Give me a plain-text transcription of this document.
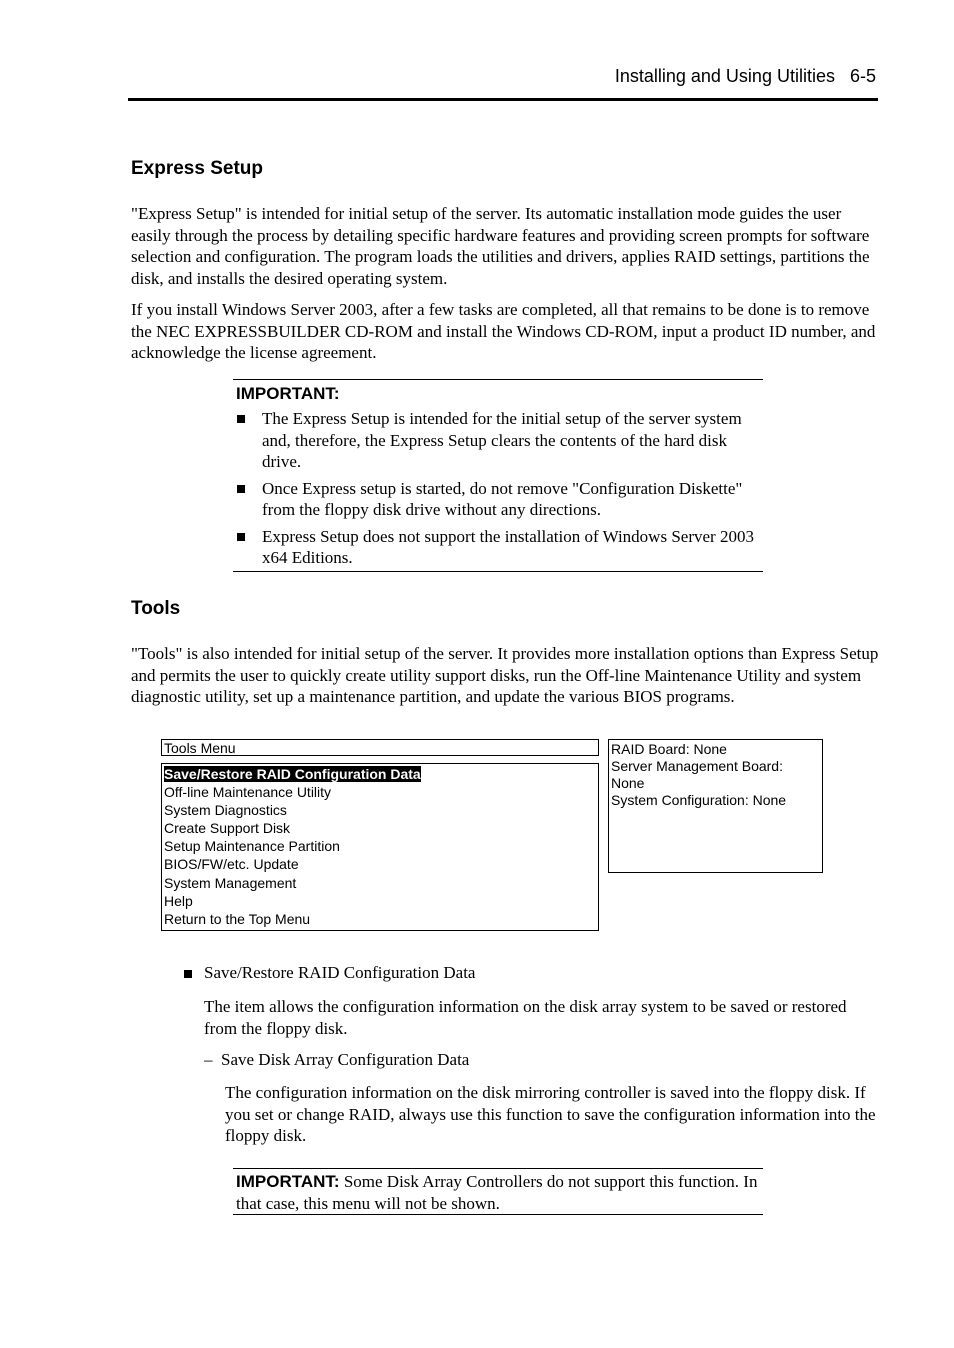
Installing and Using Utilities 6-5
Express Setup

"Express Setup" is intended for initial setup of the server. Its automatic installation mode guides the user easily through the process by detailing specific hardware features and providing screen prompts for software selection and configuration. The program loads the utilities and drivers, applies RAID settings, partitions the disk, and installs the desired operating system.

If you install Windows Server 2003, after a few tasks are completed, all that remains to be done is to remove the NEC EXPRESSBUILDER CD-ROM and install the Windows CD-ROM, input a product ID number, and acknowledge the license agreement.

IMPORTANT:
The Express Setup is intended for the initial setup of the server system and, therefore, the Express Setup clears the contents of the hard disk drive.
Once Express setup is started, do not remove "Configuration Diskette" from the floppy disk drive without any directions.
Express Setup does not support the installation of Windows Server 2003 x64 Editions.
Tools

"Tools" is also intended for initial setup of the server. It provides more installation options than Express Setup and permits the user to quickly create utility support disks, run the Off-line Maintenance Utility and system diagnostic utility, set up a maintenance partition, and update the various BIOS programs.

Tools Menu
Save/Restore RAID Configuration Data
Off-line Maintenance Utility
System Diagnostics
Create Support Disk
Setup Maintenance Partition
BIOS/FW/etc. Update
System Management
Help
Return to the Top Menu
RAID Board: None
Server Management Board:
None
System Configuration: None
Save/Restore RAID Configuration Data

The item allows the configuration information on the disk array system to be saved or restored from the floppy disk.

– Save Disk Array Configuration Data

The configuration information on the disk mirroring controller is saved into the floppy disk. If you set or change RAID, always use this function to save the configuration information into the floppy disk.

IMPORTANT: Some Disk Array Controllers do not support this function. In that case, this menu will not be shown.
